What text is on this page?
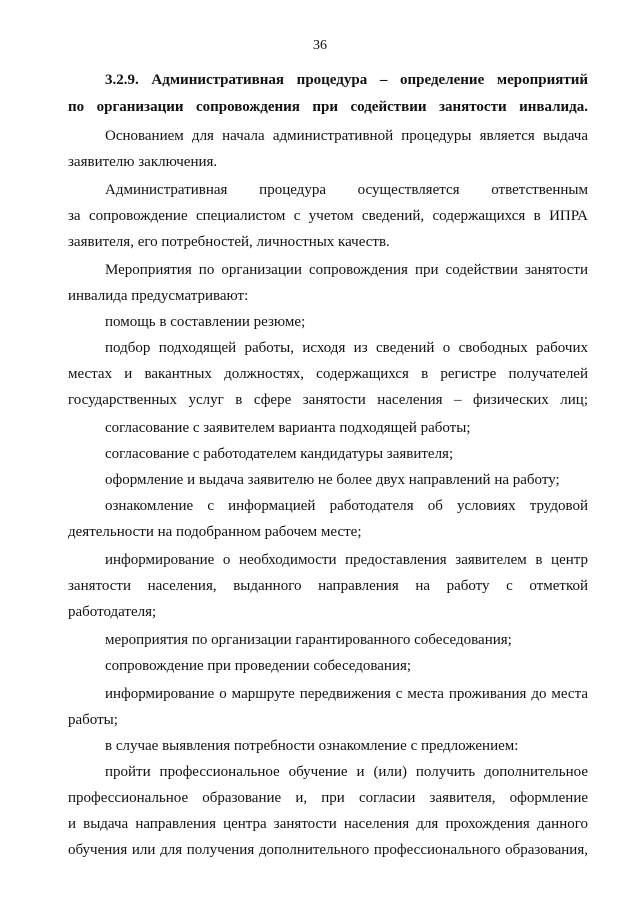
36
3.2.9. Административная процедура – определение мероприятий
по организации сопровождения при содействии занятости инвалида.
Основанием для начала административной процедуры является выдача
заявителю заключения.
Административная процедура осуществляется ответственным
за сопровождение специалистом с учетом сведений, содержащихся в ИПРА
заявителя, его потребностей, личностных качеств.
Мероприятия по организации сопровождения при содействии занятости
инвалида предусматривают:
помощь в составлении резюме;
подбор подходящей работы, исходя из сведений о свободных рабочих
местах и вакантных должностях, содержащихся в регистре получателей
государственных услуг в сфере занятости населения – физических лиц;
согласование с заявителем варианта подходящей работы;
согласование с работодателем кандидатуры заявителя;
оформление и выдача заявителю не более двух направлений на работу;
ознакомление с информацией работодателя об условиях трудовой
деятельности на подобранном рабочем месте;
информирование о необходимости предоставления заявителем в центр
занятости населения, выданного направления на работу с отметкой
работодателя;
мероприятия по организации гарантированного собеседования;
сопровождение при проведении собеседования;
информирование о маршруте передвижения с места проживания до места
работы;
в случае выявления потребности ознакомление с предложением:
пройти профессиональное обучение и (или) получить дополнительное
профессиональное образование и, при согласии заявителя, оформление
и выдача направления центра занятости населения для прохождения данного
обучения или для получения дополнительного профессионального образования,
